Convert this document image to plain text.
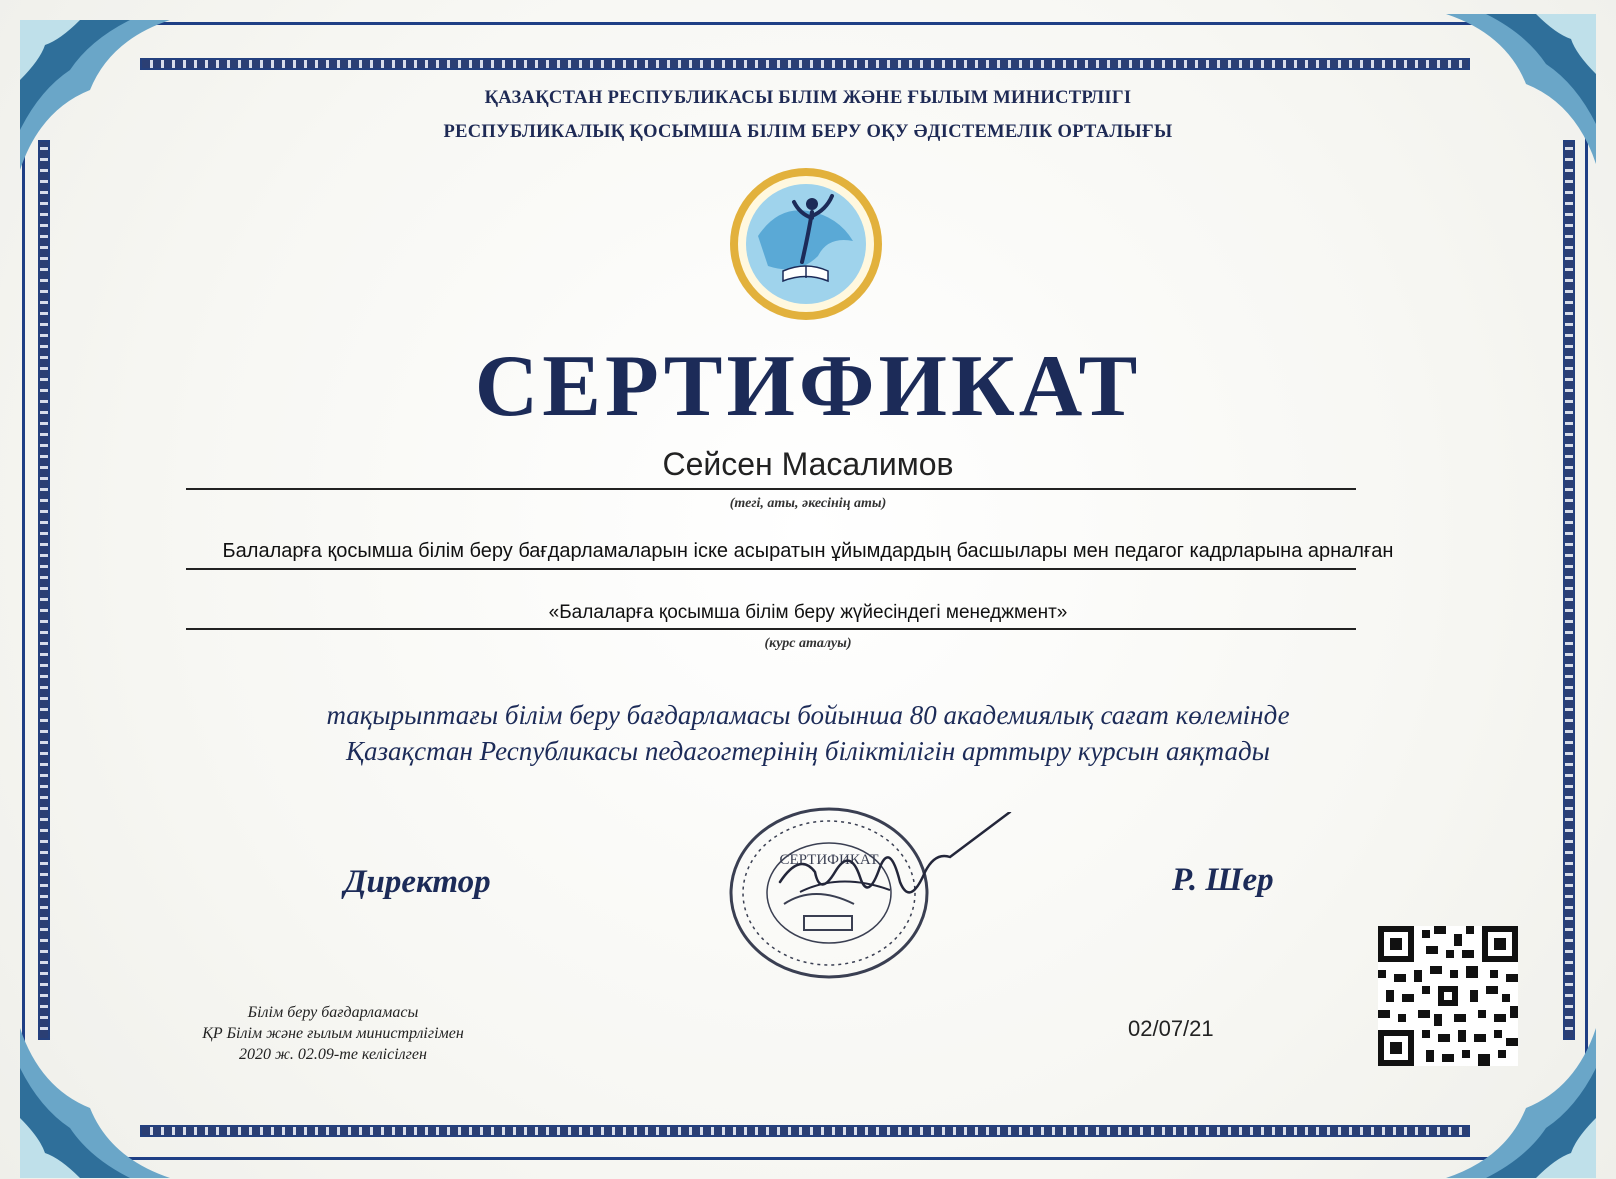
ҚАЗАҚСТАН РЕСПУБЛИКАСЫ БІЛІМ ЖӘНЕ ҒЫЛЫМ МИНИСТРЛІГІ
РЕСПУБЛИКАЛЫҚ ҚОСЫМША БІЛІМ БЕРУ ОҚУ ӘДІСТЕМЕЛІК ОРТАЛЫҒЫ
СЕРТИФИКАТ
Сейсен Масалимов
(тегі, аты, әкесінің аты)
Балаларға қосымша білім беру бағдарламаларын іске асыратын ұйымдардың басшылары мен педагог кадрларына арналған
«Балаларға қосымша білім беру жүйесіндегі менеджмент»
(курс аталуы)
тақырыптағы білім беру бағдарламасы бойынша 80 академиялық сағат көлемінде
Қазақстан Республикасы педагогтерінің біліктілігін арттыру курсын аяқтады
Директор
СЕРТИФИКАТ
Р. Шер
Білім беру бағдарламасы
ҚР Білім және ғылым министрлігімен
2020 ж. 02.09-те келісілген
02/07/21
